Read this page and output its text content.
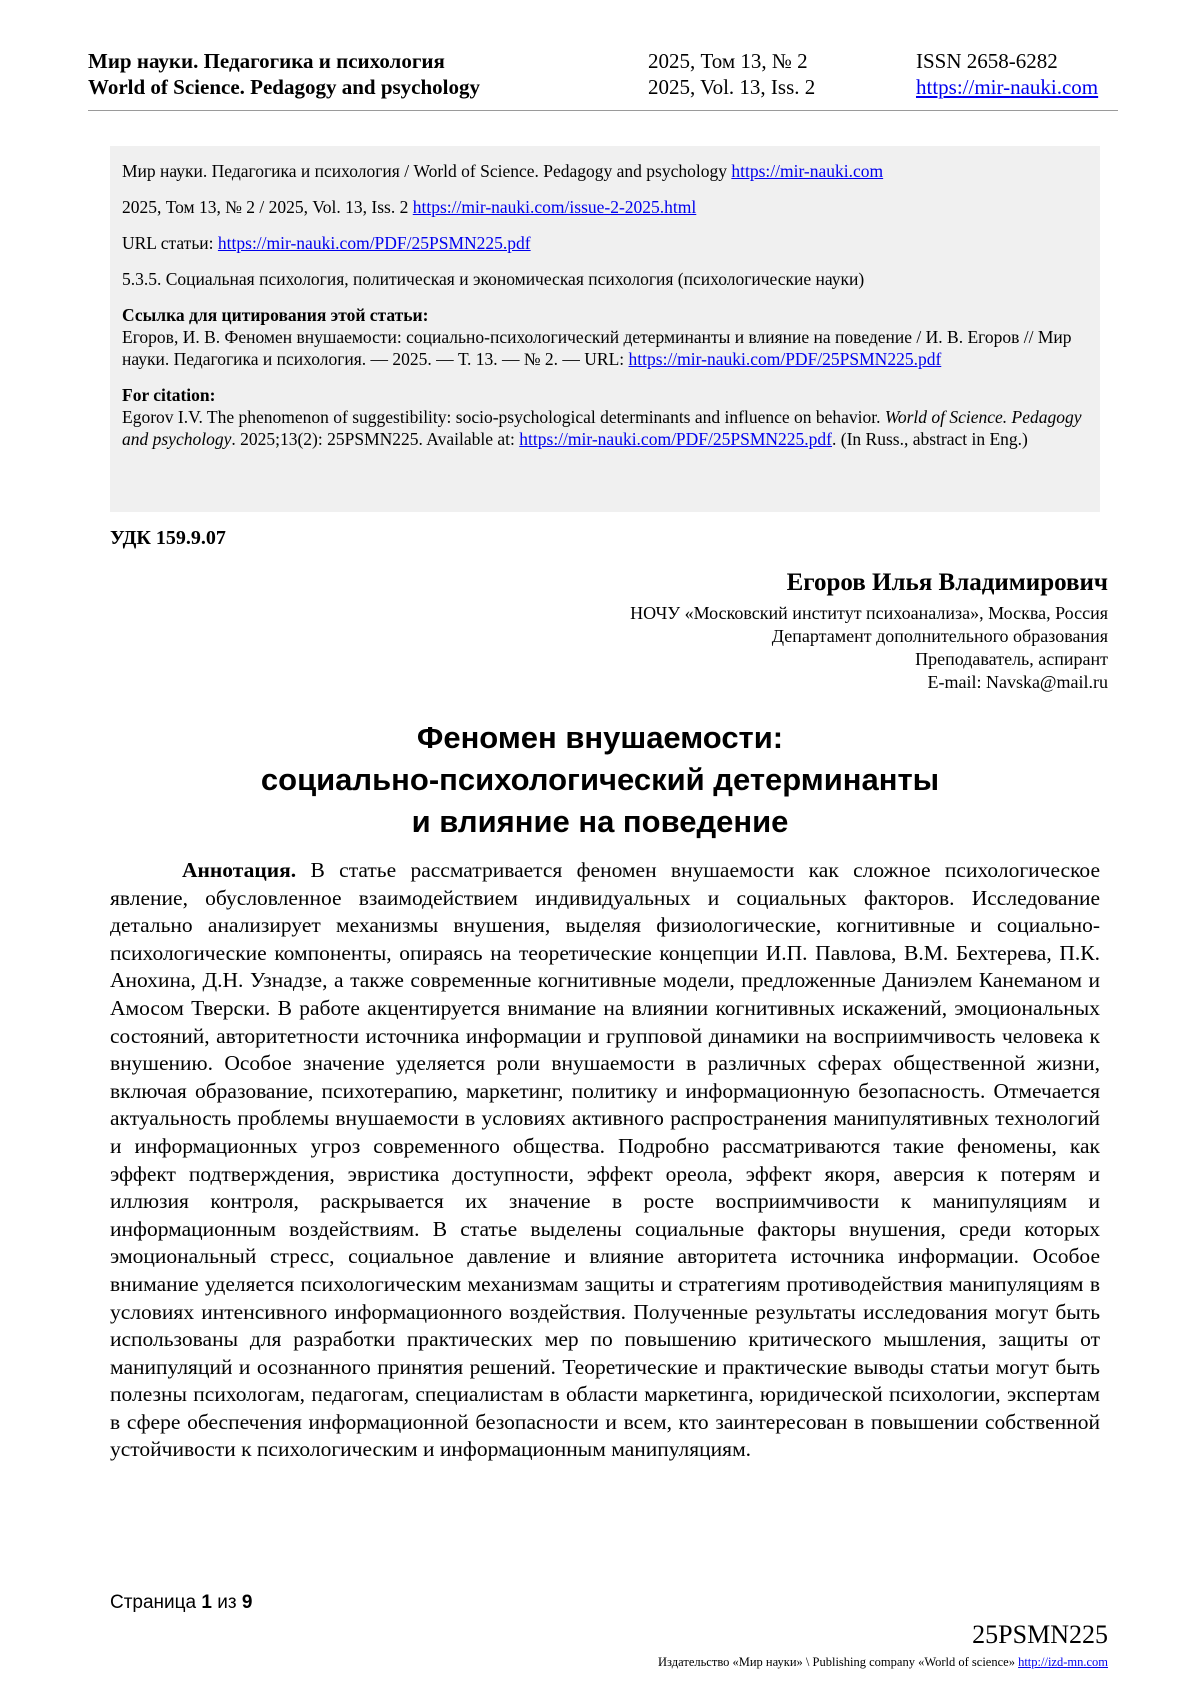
Мир науки. Педагогика и психология
World of Science. Pedagogy and psychology
2025, Том 13, № 2
2025, Vol. 13, Iss. 2
ISSN 2658-6282
https://mir-nauki.com

Мир науки. Педагогика и психология / World of Science. Pedagogy and psychology https://mir-nauki.com

2025, Том 13, № 2 / 2025, Vol. 13, Iss. 2 https://mir-nauki.com/issue-2-2025.html

URL статьи: https://mir-nauki.com/PDF/25PSMN225.pdf

5.3.5. Социальная психология, политическая и экономическая психология (психологические науки)

Ссылка для цитирования этой статьи:
Егоров, И. В. Феномен внушаемости: социально-психологический детерминанты и влияние на поведение / И. В. Егоров // Мир науки. Педагогика и психология. — 2025. — Т. 13. — № 2. — URL: https://mir-nauki.com/PDF/25PSMN225.pdf

For citation:
Egorov I.V. The phenomenon of suggestibility: socio-psychological determinants and influence on behavior. World of Science. Pedagogy and psychology. 2025;13(2): 25PSMN225. Available at: https://mir-nauki.com/PDF/25PSMN225.pdf. (In Russ., abstract in Eng.)

УДК 159.9.07
Егоров Илья Владимирович
НОЧУ «Московский институт психоанализа», Москва, Россия
Департамент дополнительного образования
Преподаватель, аспирант
E-mail: Navska@mail.ru
Феномен внушаемости:
социально-психологический детерминанты
и влияние на поведение
Аннотация. В статье рассматривается феномен внушаемости как сложное психологическое явление, обусловленное взаимодействием индивидуальных и социальных факторов. Исследование детально анализирует механизмы внушения, выделяя физиологические, когнитивные и социально-психологические компоненты, опираясь на теоретические концепции И.П. Павлова, В.М. Бехтерева, П.К. Анохина, Д.Н. Узнадзе, а также современные когнитивные модели, предложенные Даниэлем Канеманом и Амосом Тверски. В работе акцентируется внимание на влиянии когнитивных искажений, эмоциональных состояний, авторитетности источника информации и групповой динамики на восприимчивость человека к внушению. Особое значение уделяется роли внушаемости в различных сферах общественной жизни, включая образование, психотерапию, маркетинг, политику и информационную безопасность. Отмечается актуальность проблемы внушаемости в условиях активного распространения манипулятивных технологий и информационных угроз современного общества. Подробно рассматриваются такие феномены, как эффект подтверждения, эвристика доступности, эффект ореола, эффект якоря, аверсия к потерям и иллюзия контроля, раскрывается их значение в росте восприимчивости к манипуляциям и информационным воздействиям. В статье выделены социальные факторы внушения, среди которых эмоциональный стресс, социальное давление и влияние авторитета источника информации. Особое внимание уделяется психологическим механизмам защиты и стратегиям противодействия манипуляциям в условиях интенсивного информационного воздействия. Полученные результаты исследования могут быть использованы для разработки практических мер по повышению критического мышления, защиты от манипуляций и осознанного принятия решений. Теоретические и практические выводы статьи могут быть полезны психологам, педагогам, специалистам в области маркетинга, юридической психологии, экспертам в сфере обеспечения информационной безопасности и всем, кто заинтересован в повышении собственной устойчивости к психологическим и информационным манипуляциям.
Страница 1 из 9
25PSMN225
Издательство «Мир науки» \ Publishing company «World of science» http://izd-mn.com
